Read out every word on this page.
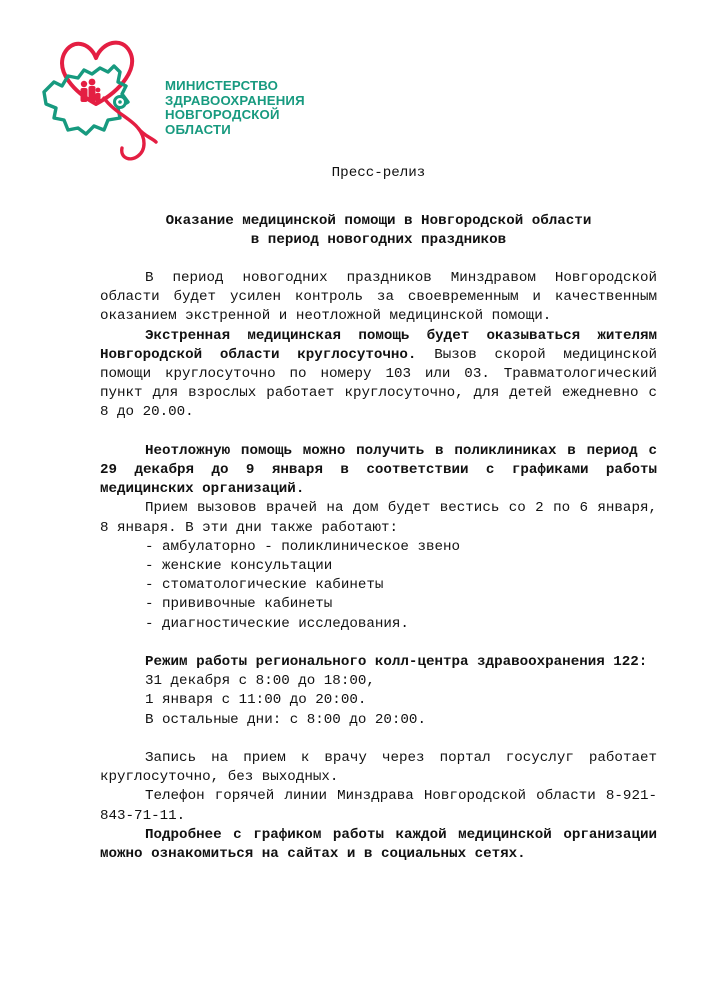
МИНИСТЕРСТВО
ЗДРАВООХРАНЕНИЯ
НОВГОРОДСКОЙ
ОБЛАСТИ
Пресс-релиз
Оказание медицинской помощи в Новгородской области
в период новогодних праздников

В период новогодних праздников Минздравом Новгородской области будет усилен контроль за своевременным и качественным оказанием экстренной и неотложной медицинской помощи.

Экстренная медицинская помощь будет оказываться жителям Новгородской области круглосуточно. Вызов скорой медицинской помощи круглосуточно по номеру 103 или 03. Травматологический пункт для взрослых работает круглосуточно, для детей ежедневно с 8 до 20.00.

Неотложную помощь можно получить в поликлиниках в период с 29 декабря до 9 января в соответствии с графиками работы медицинских организаций.

Прием вызовов врачей на дом будет вестись со 2 по 6 января, 8 января. В эти дни также работают:

- амбулаторно - поликлиническое звено
- женские консультации
- стоматологические кабинеты
- прививочные кабинеты
- диагностические исследования.

Режим работы регионального колл-центра здравоохранения 122:

31 декабря с 8:00 до 18:00,
1 января с 11:00 до 20:00.
В остальные дни: с 8:00 до 20:00.

Запись на прием к врачу через портал госуслуг работает круглосуточно, без выходных.

Телефон горячей линии Минздрава Новгородской области 8-921-843-71-11.

Подробнее с графиком работы каждой медицинской организации можно ознакомиться на сайтах и в социальных сетях.
